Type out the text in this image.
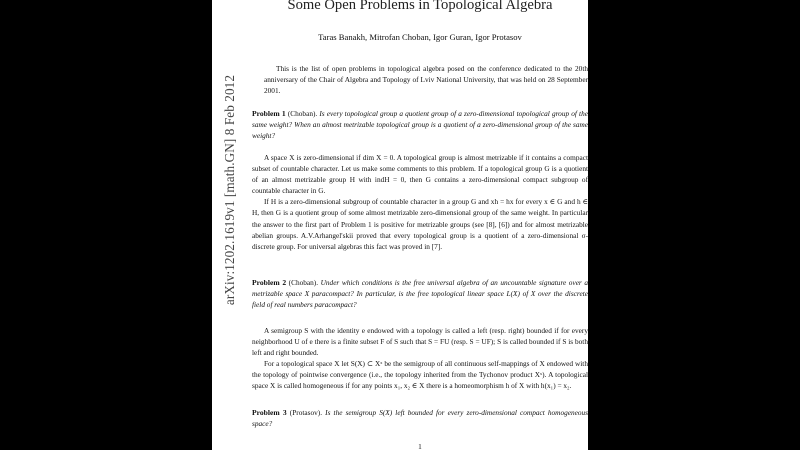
arXiv:1202.1619v1 [math.GN] 8 Feb 2012
Some Open Problems in Topological Algebra
Taras Banakh, Mitrofan Choban, Igor Guran, Igor Protasov
This is the list of open problems in topological algebra posed on the conference dedicated to the 20th anniversary of the Chair of Algebra and Topology of Lviv National University, that was held on 28 September 2001.

Problem 1 (Choban). Is every topological group a quotient group of a zero-dimensional topological group of the same weight? When an almost metrizable topological group is a quotient of a zero-dimensional group of the same weight?

A space X is zero-dimensional if dim X = 0. A topological group is almost metrizable if it contains a compact subset of countable character. Let us make some comments to this problem. If a topological group G is a quotient of an almost metrizable group H with indH = 0, then G contains a zero-dimensional compact subgroup of countable character in G.

If H is a zero-dimensional subgroup of countable character in a group G and xh = hx for every x ∈ G and h ∈ H, then G is a quotient group of some almost metrizable zero-dimensional group of the same weight. In particular the answer to the first part of Problem 1 is positive for metrizable groups (see [8], [6]) and for almost metrizable abelian groups. A.V.Arhangel'skii proved that every topological group is a quotient of a zero-dimensional σ-discrete group. For universal algebras this fact was proved in [7].

Problem 2 (Choban). Under which conditions is the free universal algebra of an uncountable signature over a metrizable space X paracompact? In particular, is the free topological linear space L(X) of X over the discrete field of real numbers paracompact?

A semigroup S with the identity e endowed with a topology is called a left (resp. right) bounded if for every neighborhood U of e there is a finite subset F of S such that S = FU (resp. S = UF); S is called bounded if S is both left and right bounded.

For a topological space X let S(X) ⊂ Xˣ be the semigroup of all continuous self-mappings of X endowed with the topology of pointwise convergence (i.e., the topology inherited from the Tychonov product Xˣ). A topological space X is called homogeneous if for any points x₁, x₂ ∈ X there is a homeomorphism h of X with h(x₁) = x₂.

Problem 3 (Protasov). Is the semigroup S(X) left bounded for every zero-dimensional compact homogeneous space?

1
